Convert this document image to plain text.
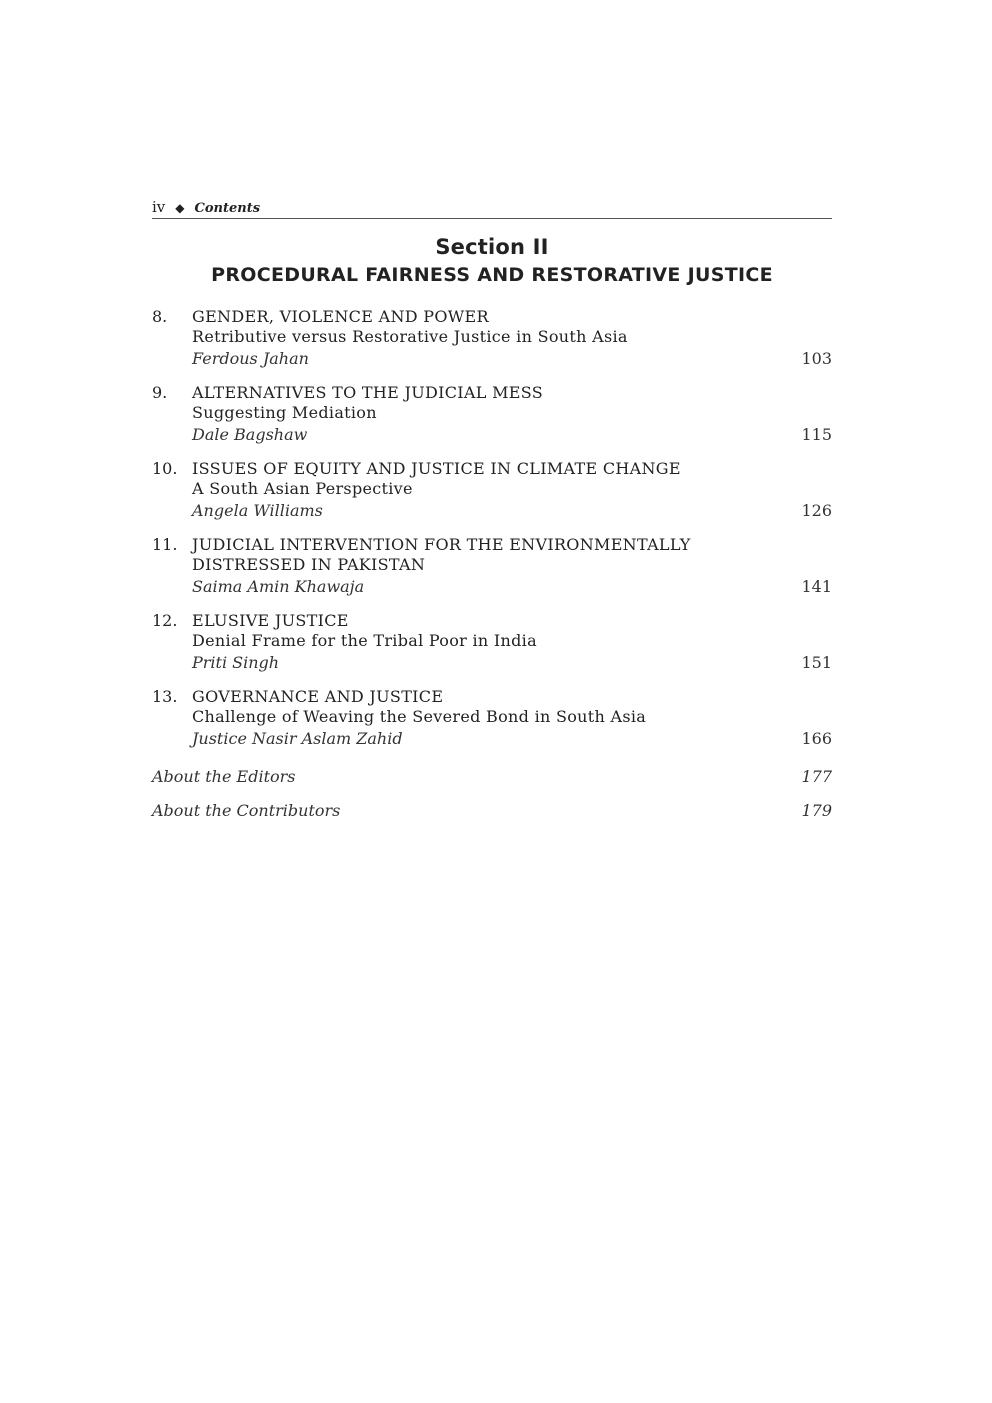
iv ◆ Contents
Section II
PROCEDURAL FAIRNESS AND RESTORATIVE JUSTICE
8.	GENDER, VIOLENCE AND POWER
Retributive versus Restorative Justice in South Asia
Ferdous Jahan	103
9.	ALTERNATIVES TO THE JUDICIAL MESS
Suggesting Mediation
Dale Bagshaw	115
10. ISSUES OF EQUITY AND JUSTICE IN CLIMATE CHANGE
A South Asian Perspective
Angela Williams	126
11. JUDICIAL INTERVENTION FOR THE ENVIRONMENTALLY
DISTRESSED IN PAKISTAN
Saima Amin Khawaja	141
12. ELUSIVE JUSTICE
Denial Frame for the Tribal Poor in India
Priti Singh	151
13. GOVERNANCE AND JUSTICE
Challenge of Weaving the Severed Bond in South Asia
Justice Nasir Aslam Zahid	166
About the Editors	177
About the Contributors	179
